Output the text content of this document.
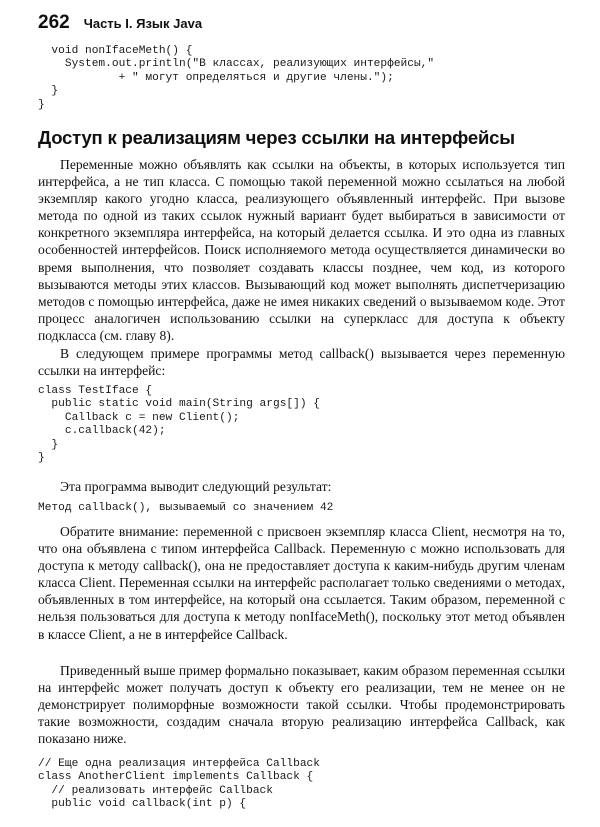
262 Часть I. Язык Java
void nonIfaceMeth() {
System.out.println("В классах, реализующих интерфейсы,"
+ " могут определяться и другие члены.");
}
}
Доступ к реализациям через ссылки на интерфейсы

Переменные можно объявлять как ссылки на объекты, в которых используется тип интерфейса, а не тип класса. С помощью такой переменной можно ссылаться на любой экземпляр какого угодно класса, реализующего объявленный интерфейс. При вызове метода по одной из таких ссылок нужный вариант будет выбираться в зависимости от конкретного экземпляра интерфейса, на который делается ссылка. И это одна из главных особенностей интерфейсов. Поиск исполняемого метода осуществляется динамически во время выполнения, что позволяет создавать классы позднее, чем код, из которого вызываются методы этих классов. Вызывающий код может выполнять диспетчеризацию методов с помощью интерфейса, даже не имея никаких сведений о вызываемом коде. Этот процесс аналогичен использованию ссылки на суперкласс для доступа к объекту подкласса (см. главу 8).

В следующем примере программы метод callback() вызывается через переменную ссылки на интерфейс:

class TestIface {
public static void main(String args[]) {
Callback c = new Client();
c.callback(42);
}
}

Эта программа выводит следующий результат:

Метод callback(), вызываемый со значением 42

Обратите внимание: переменной c присвоен экземпляр класса Client, несмотря на то, что она объявлена с типом интерфейса Callback. Переменную c можно использовать для доступа к методу callback(), она не предоставляет доступа к каким-нибудь другим членам класса Client. Переменная ссылки на интерфейс располагает только сведениями о методах, объявленных в том интерфейсе, на который она ссылается. Таким образом, переменной c нельзя пользоваться для доступа к методу nonIfaceMeth(), поскольку этот метод объявлен в классе Client, а не в интерфейсе Callback.

Приведенный выше пример формально показывает, каким образом переменная ссылки на интерфейс может получать доступ к объекту его реализации, тем не менее он не демонстрирует полиморфные возможности такой ссылки. Чтобы продемонстрировать такие возможности, создадим сначала вторую реализацию интерфейса Callback, как показано ниже.

// Еще одна реализация интерфейса Callback
class AnotherClient implements Callback {
// реализовать интерфейс Callback
public void callback(int p) {
